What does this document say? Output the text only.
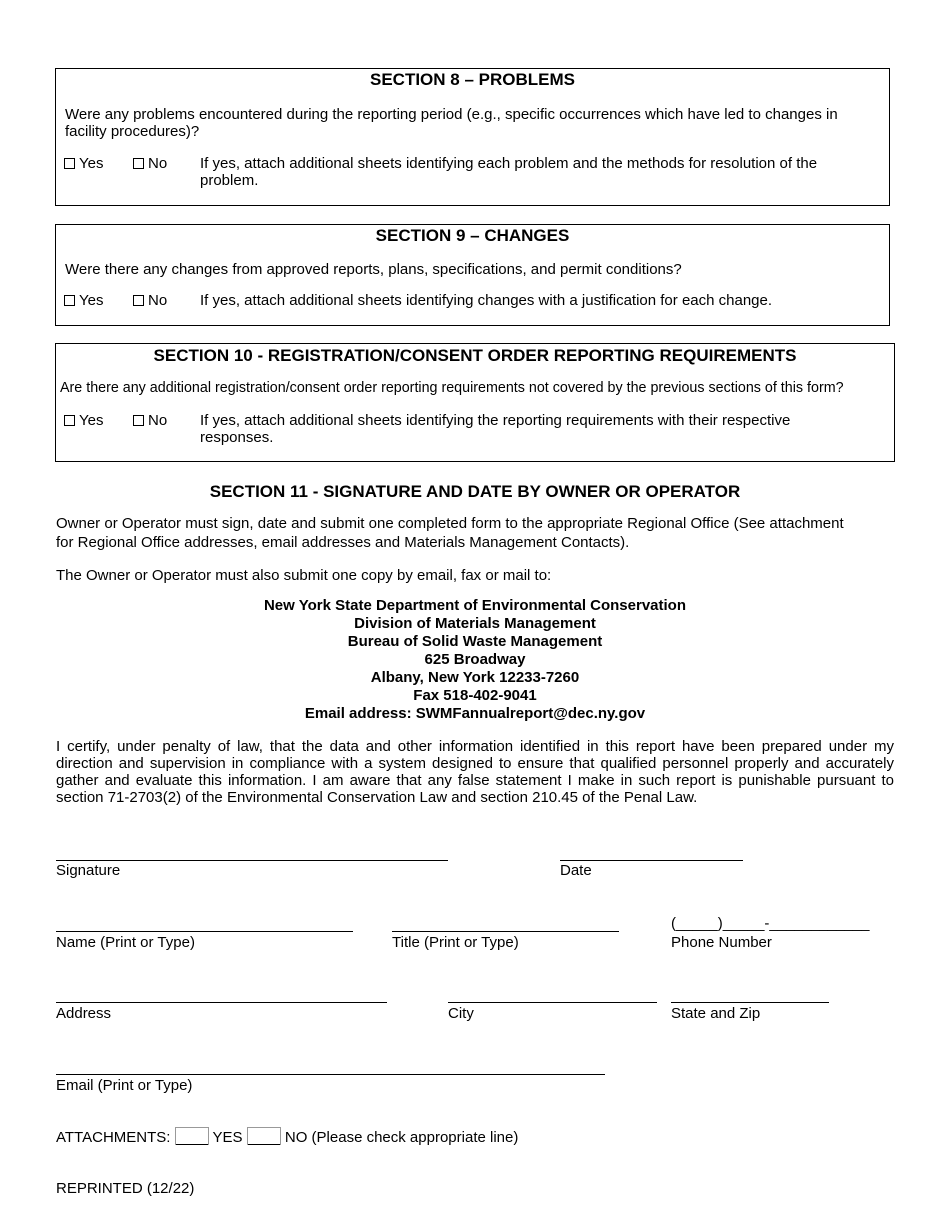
SECTION 8 – PROBLEMS
Were any problems encountered during the reporting period (e.g., specific occurrences which have led to changes in facility procedures)?
Yes	No If yes, attach additional sheets identifying each problem and the methods for resolution of the problem.
SECTION 9 – CHANGES
Were there any changes from approved reports, plans, specifications, and permit conditions?
Yes	No If yes, attach additional sheets identifying changes with a justification for each change.
SECTION 10 - REGISTRATION/CONSENT ORDER REPORTING REQUIREMENTS
Are there any additional registration/consent order reporting requirements not covered by the previous sections of this form?
Yes	No If yes, attach additional sheets identifying the reporting requirements with their respective responses.
SECTION 11 - SIGNATURE AND DATE BY OWNER OR OPERATOR
Owner or Operator must sign, date and submit one completed form to the appropriate Regional Office (See attachment for Regional Office addresses, email addresses and Materials Management Contacts).
The Owner or Operator must also submit one copy by email, fax or mail to:
New York State Department of Environmental Conservation
Division of Materials Management
Bureau of Solid Waste Management
625 Broadway
Albany, New York 12233-7260
Fax 518-402-9041
Email address: SWMFannualreport@dec.ny.gov
I certify, under penalty of law, that the data and other information identified in this report have been prepared under my direction and supervision in compliance with a system designed to ensure that qualified personnel properly and accurately gather and evaluate this information. I am aware that any false statement I make in such report is punishable pursuant to section 71-2703(2) of the Environmental Conservation Law and section 210.45 of the Penal Law.
Signature	Date
Name (Print or Type)	Title (Print or Type)
(_____)_____-____________
Phone Number
Address	City	State and Zip
Email (Print or Type)
ATTACHMENTS:	YES	NO (Please check appropriate line)
REPRINTED (12/22)
